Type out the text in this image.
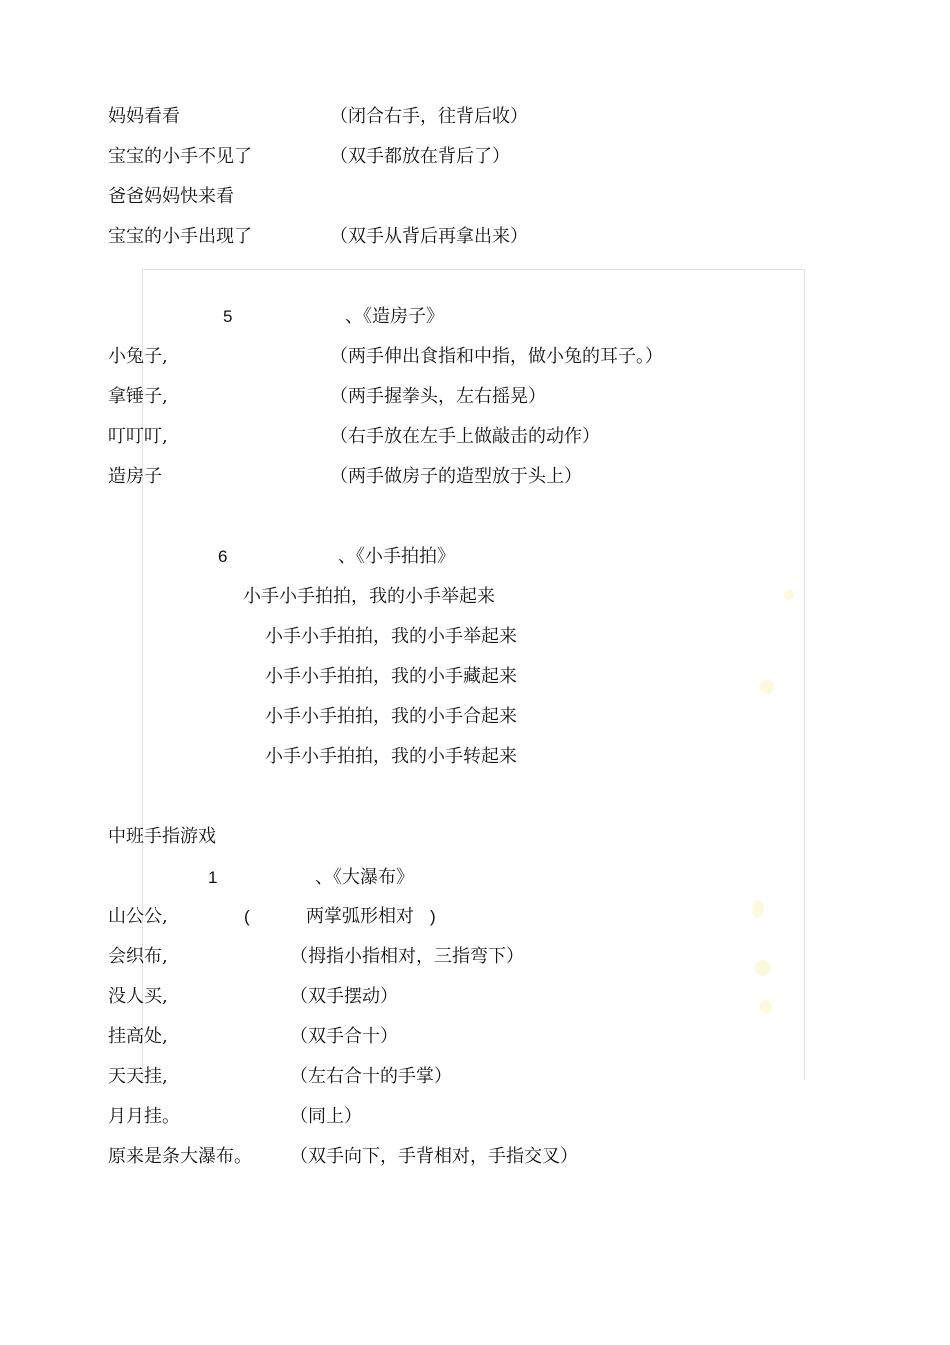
妈妈看看	（闭合右手，往背后收）
宝宝的小手不见了	（双手都放在背后了）
爸爸妈妈快来看
宝宝的小手出现了	（双手从背后再拿出来）
5	、《造房子》
小兔子,	（两手伸出食指和中指，做小兔的耳子。）
拿锤子,	（两手握拳头，左右摇晃）
叮叮叮,	（右手放在左手上做敲击的动作）
造房子	（两手做房子的造型放于头上）
6	、《小手拍拍》
小手小手拍拍，我的小手举起来
小手小手拍拍，我的小手举起来
小手小手拍拍，我的小手藏起来
小手小手拍拍，我的小手合起来
小手小手拍拍，我的小手转起来
中班手指游戏
1	、《大瀑布》
山公公,	(	两掌弧形相对 )
会织布,	（拇指小指相对，三指弯下）
没人买,	（双手摆动）
挂高处,	（双手合十）
天天挂,	（左右合十的手掌）
月月挂。	（同上）
原来是条大瀑布。 （双手向下，手背相对，手指交叉）
